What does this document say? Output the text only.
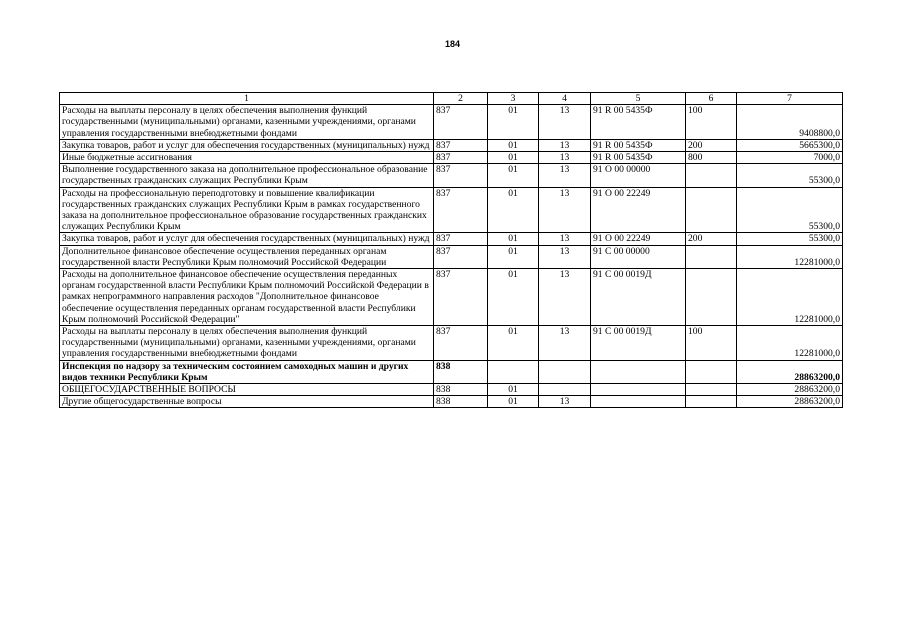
184
1	2	3	4	5	6	7
Расходы на выплаты персоналу в целях обеспечения выполнения функций государственными (муниципальными) органами, казенными учреждениями, органами управления государственными внебюджетными фондами	837	01	13	91 R 00 5435Ф	100	9408800,0
Закупка товаров, работ и услуг для обеспечения государственных (муниципальных) нужд	837	01	13	91 R 00 5435Ф	200	5665300,0
Иные бюджетные ассигнования	837	01	13	91 R 00 5435Ф	800	7000,0
Выполнение государственного заказа на дополнительное профессиональное образование государственных гражданских служащих Республики Крым	837	01	13	91 О 00 00000		55300,0
Расходы на профессиональную переподготовку и повышение квалификации государственных гражданских служащих Республики Крым в рамках государственного заказа на дополнительное профессиональное образование государственных гражданских служащих Республики Крым	837	01	13	91 О 00 22249		55300,0
Закупка товаров, работ и услуг для обеспечения государственных (муниципальных) нужд	837	01	13	91 О 00 22249	200	55300,0
Дополнительное финансовое обеспечение осуществления переданных органам государственной власти Республики Крым полномочий Российской Федерации	837	01	13	91 С 00 00000		12281000,0
Расходы на дополнительное финансовое обеспечение осуществления переданных органам государственной власти Республики Крым полномочий Российской Федерации в рамках непрограммного направления расходов "Дополнительное финансовое обеспечение осуществления переданных органам государственной власти Республики Крым полномочий Российской Федерации"	837	01	13	91 С 00 0019Д		12281000,0
Расходы на выплаты персоналу в целях обеспечения выполнения функций государственными (муниципальными) органами, казенными учреждениями, органами управления государственными внебюджетными фондами	837	01	13	91 С 00 0019Д	100	12281000,0
Инспекция по надзору за техническим состоянием самоходных машин и других видов техники Республики Крым	838					28863200,0
ОБЩЕГОСУДАРСТВЕННЫЕ ВОПРОСЫ	838	01				28863200,0
Другие общегосударственные вопросы	838	01	13			28863200,0
